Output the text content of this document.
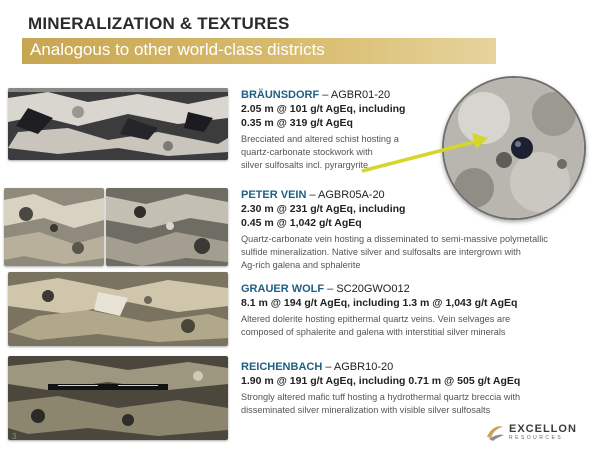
MINERALIZATION & TEXTURES
Analogous to other world-class districts
BRÄUNSDORF – AGBR01-20
2.05 m @ 101 g/t AgEq, including
0.35 m @ 319 g/t AgEq
Brecciated and altered schist hosting a
quartz-carbonate stockwork with
silver sulfosalts incl. pyrargyrite
PETER VEIN – AGBR05A-20
2.30 m @ 231 g/t AgEq, including
0.45 m @ 1,042 g/t AgEq
Quartz-carbonate vein hosting a disseminated to semi-massive polymetallic
sulfide mineralization. Native silver and sulfosalts are intergrown with
Ag-rich galena and sphalerite
GRAUER WOLF – SC20GWO012
8.1 m @ 194 g/t AgEq, including 1.3 m @ 1,043 g/t AgEq
Altered dolerite hosting epithermal quartz veins. Vein selvages are
composed of sphalerite and galena with interstitial silver minerals
REICHENBACH – AGBR10-20
1.90 m @ 191 g/t AgEq, including 0.71 m @ 505 g/t AgEq
Strongly altered mafic tuff hosting a hydrothermal quartz breccia with
disseminated silver mineralization with visible silver sulfosalts
3
EXCELLON
RESOURCES
